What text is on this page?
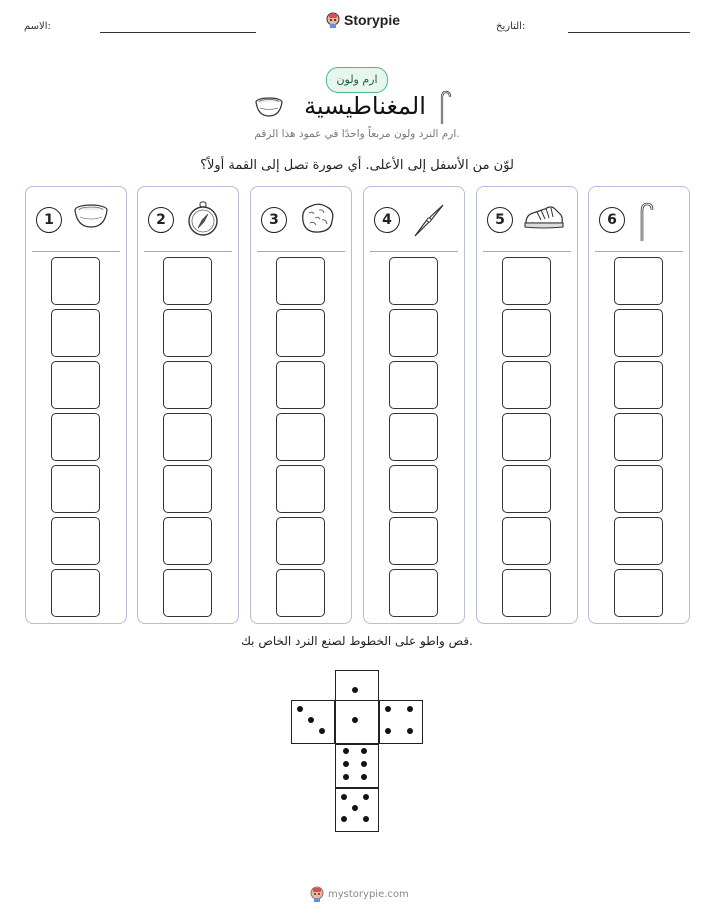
الاسم:	Storypie	التاريخ:
ارم ولون
المغناطيسية
ارم النرد ولون مربعاً واحدًا في عمود هذا الرقم.
لوّن من الأسفل إلى الأعلى. أي صورة تصل إلى القمة أولاً؟
1	2	3	4	5	6
قص واطو على الخطوط لصنع النرد الخاص بك.
mystorypie.com
